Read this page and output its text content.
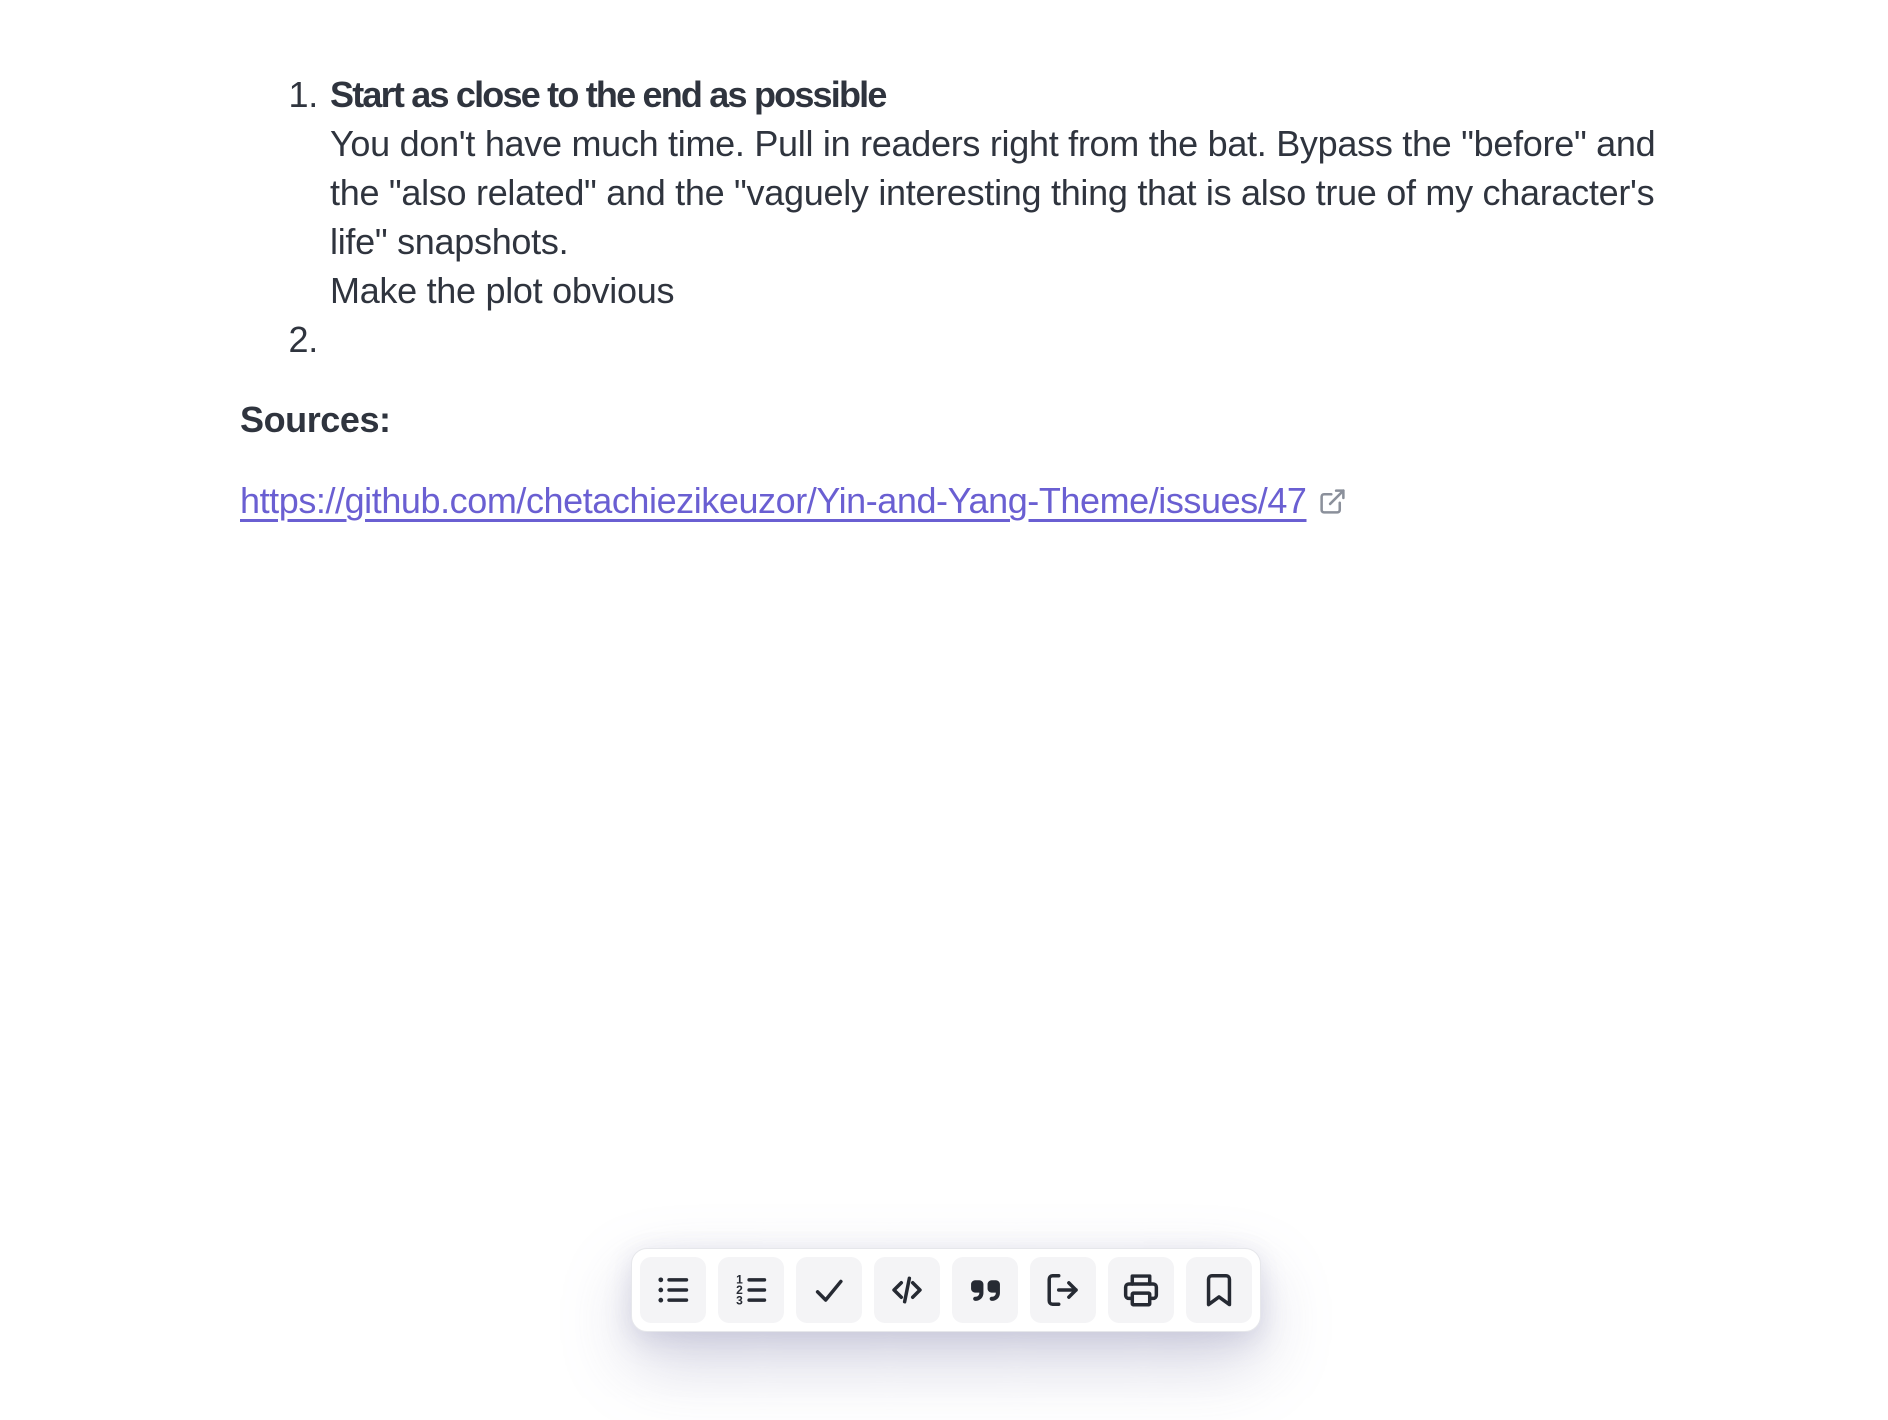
1. Start as close to the end as possible
You don't have much time. Pull in readers right from the bat. Bypass the "before" and
the "also related" and the "vaguely interesting thing that is also true of my character's
life" snapshots.
Make the plot obvious
2.

Sources:

https://github.com/chetachiezikeuzor/Yin-and-Yang-Theme/issues/47

1
2
3
